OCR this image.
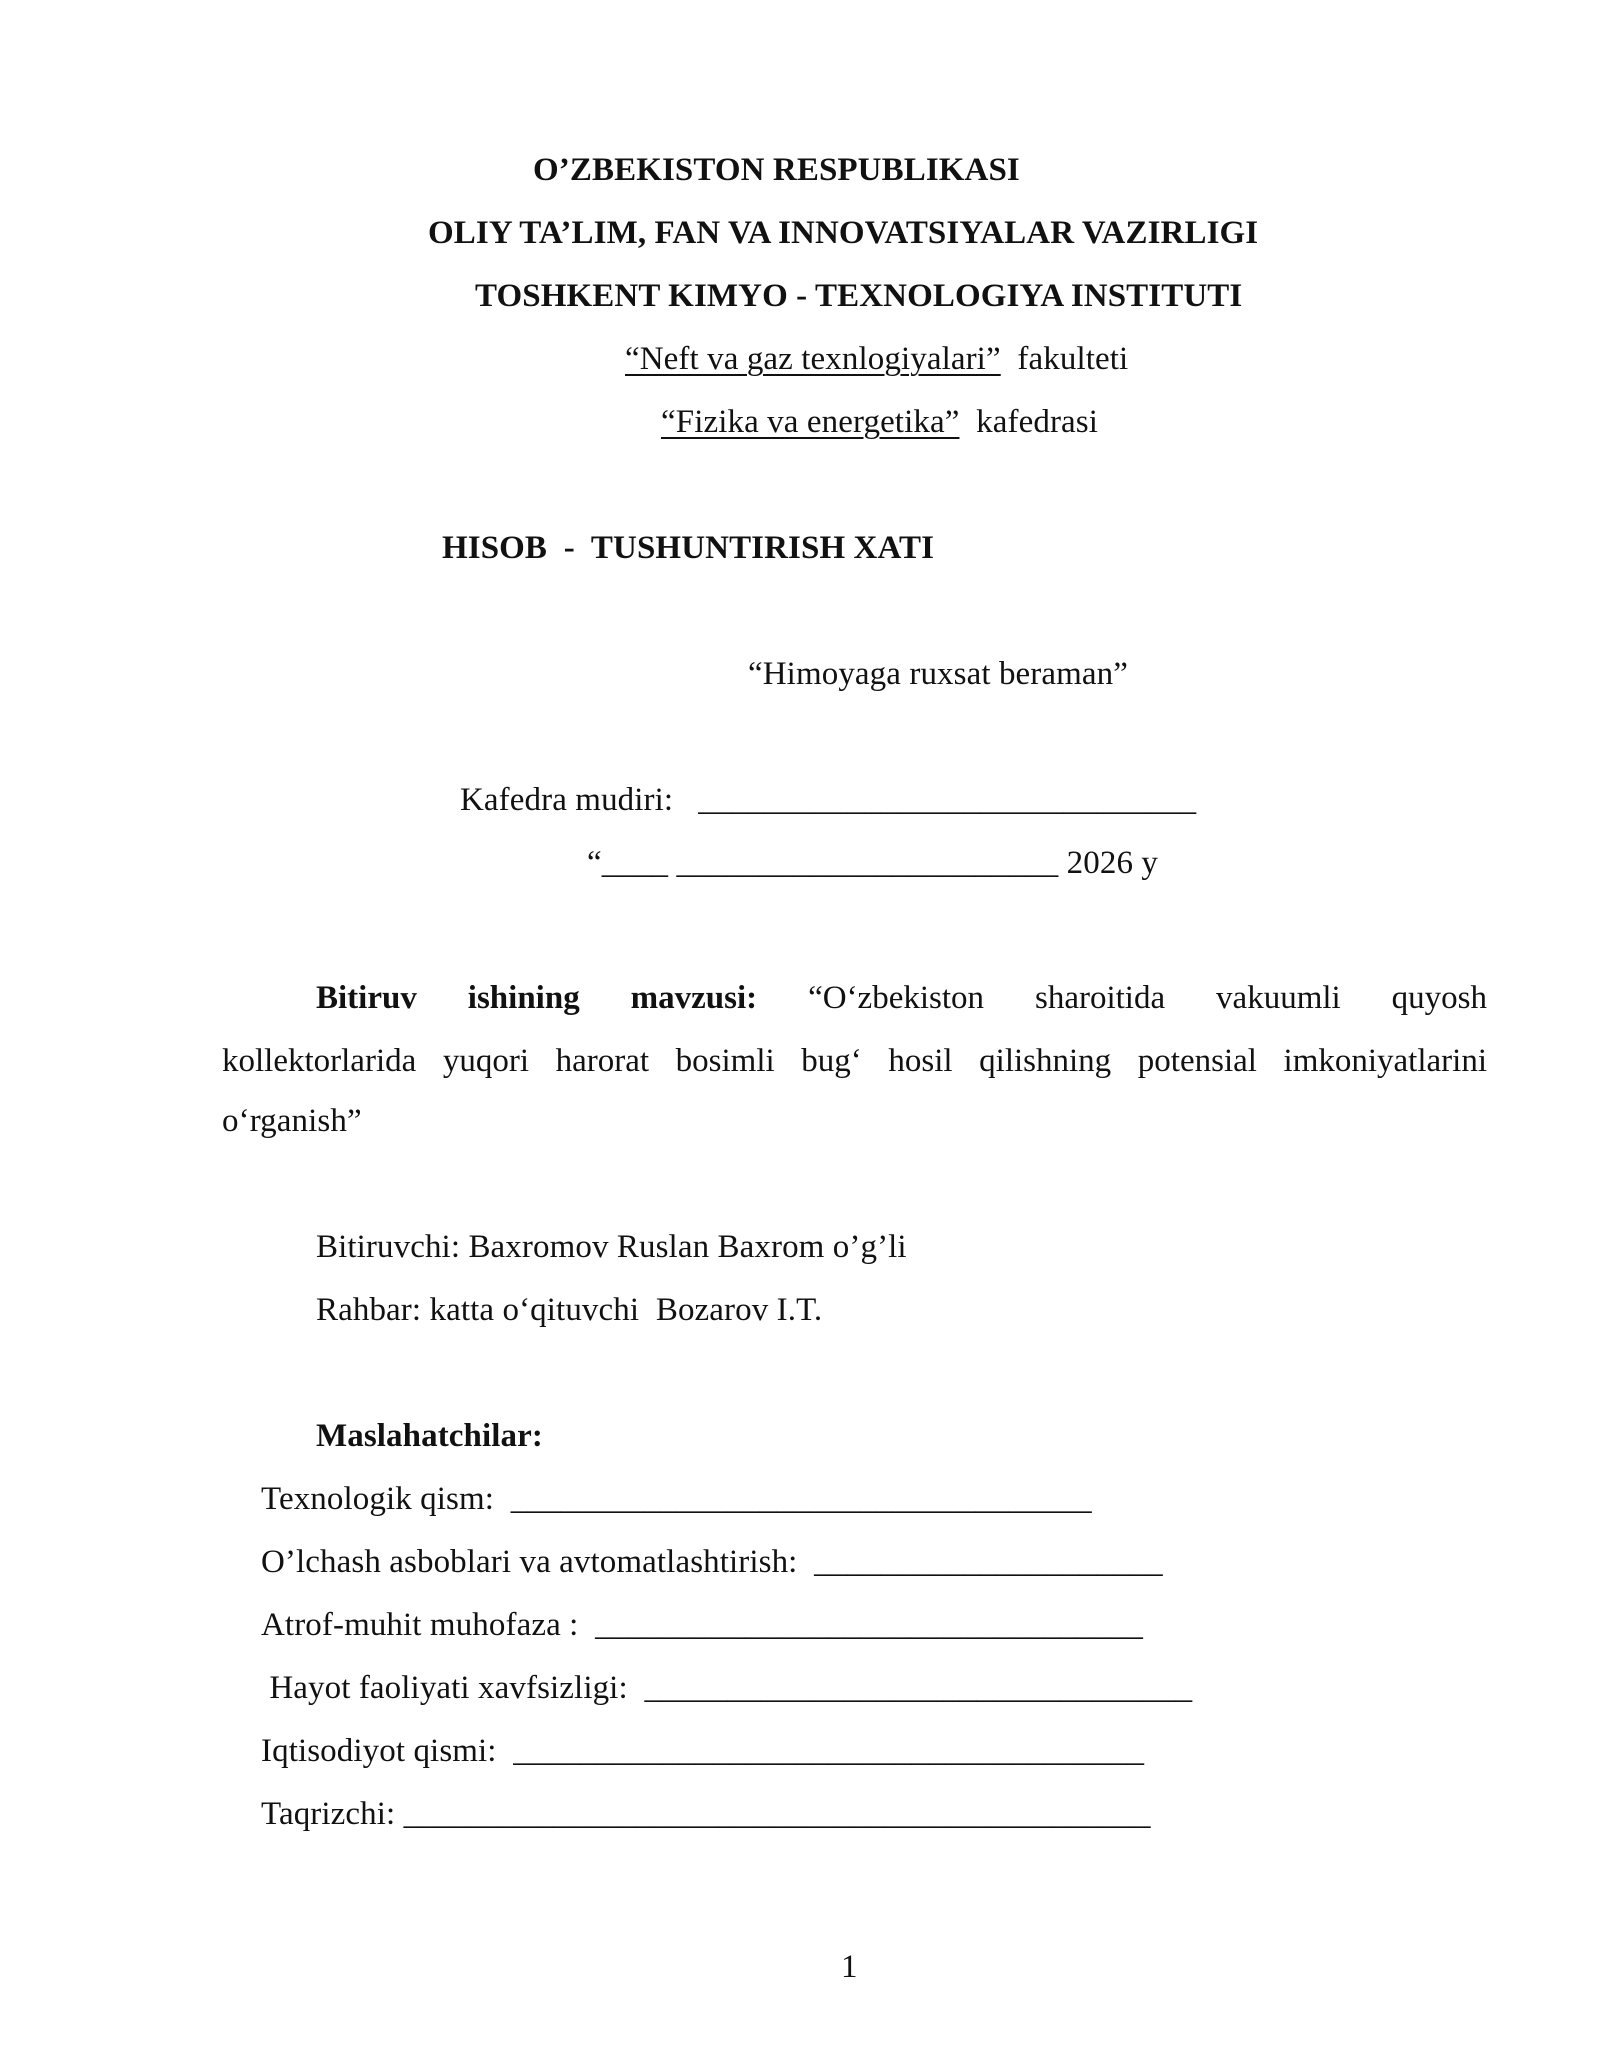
O’ZBEKISTON RESPUBLIKASI
OLIY TA’LIM, FAN VA INNOVATSIYALAR VAZIRLIGI
TOSHKENT KIMYO - TEXNOLOGIYA INSTITUTI
“Neft va gaz texnlogiyalari” fakulteti
“Fizika va energetika” kafedrasi
HISOB  -  TUSHUNTIRISH XATI
“Himoyaga ruxsat beraman”
Kafedra mudiri: ______________________________
“____ _______________________ 2026 y
Bitiruv ishining mavzusi: “O‘zbekiston sharoitida vakuumli quyosh
kollektorlarida yuqori harorat bosimli bug‘ hosil qilishning potensial imkoniyatlarini
o‘rganish”
Bitiruvchi: Baxromov Ruslan Baxrom o’g’li
Rahbar: katta o‘qituvchi  Bozarov I.T.
Maslahatchilar:
Texnologik qism: ___________________________________
O’lchash asboblari va avtomatlashtirish: _____________________
Atrof-muhit muhofaza : _________________________________
Hayot faoliyati xavfsizligi: _________________________________
Iqtisodiyot qismi: ______________________________________
Taqrizchi: _____________________________________________
1
